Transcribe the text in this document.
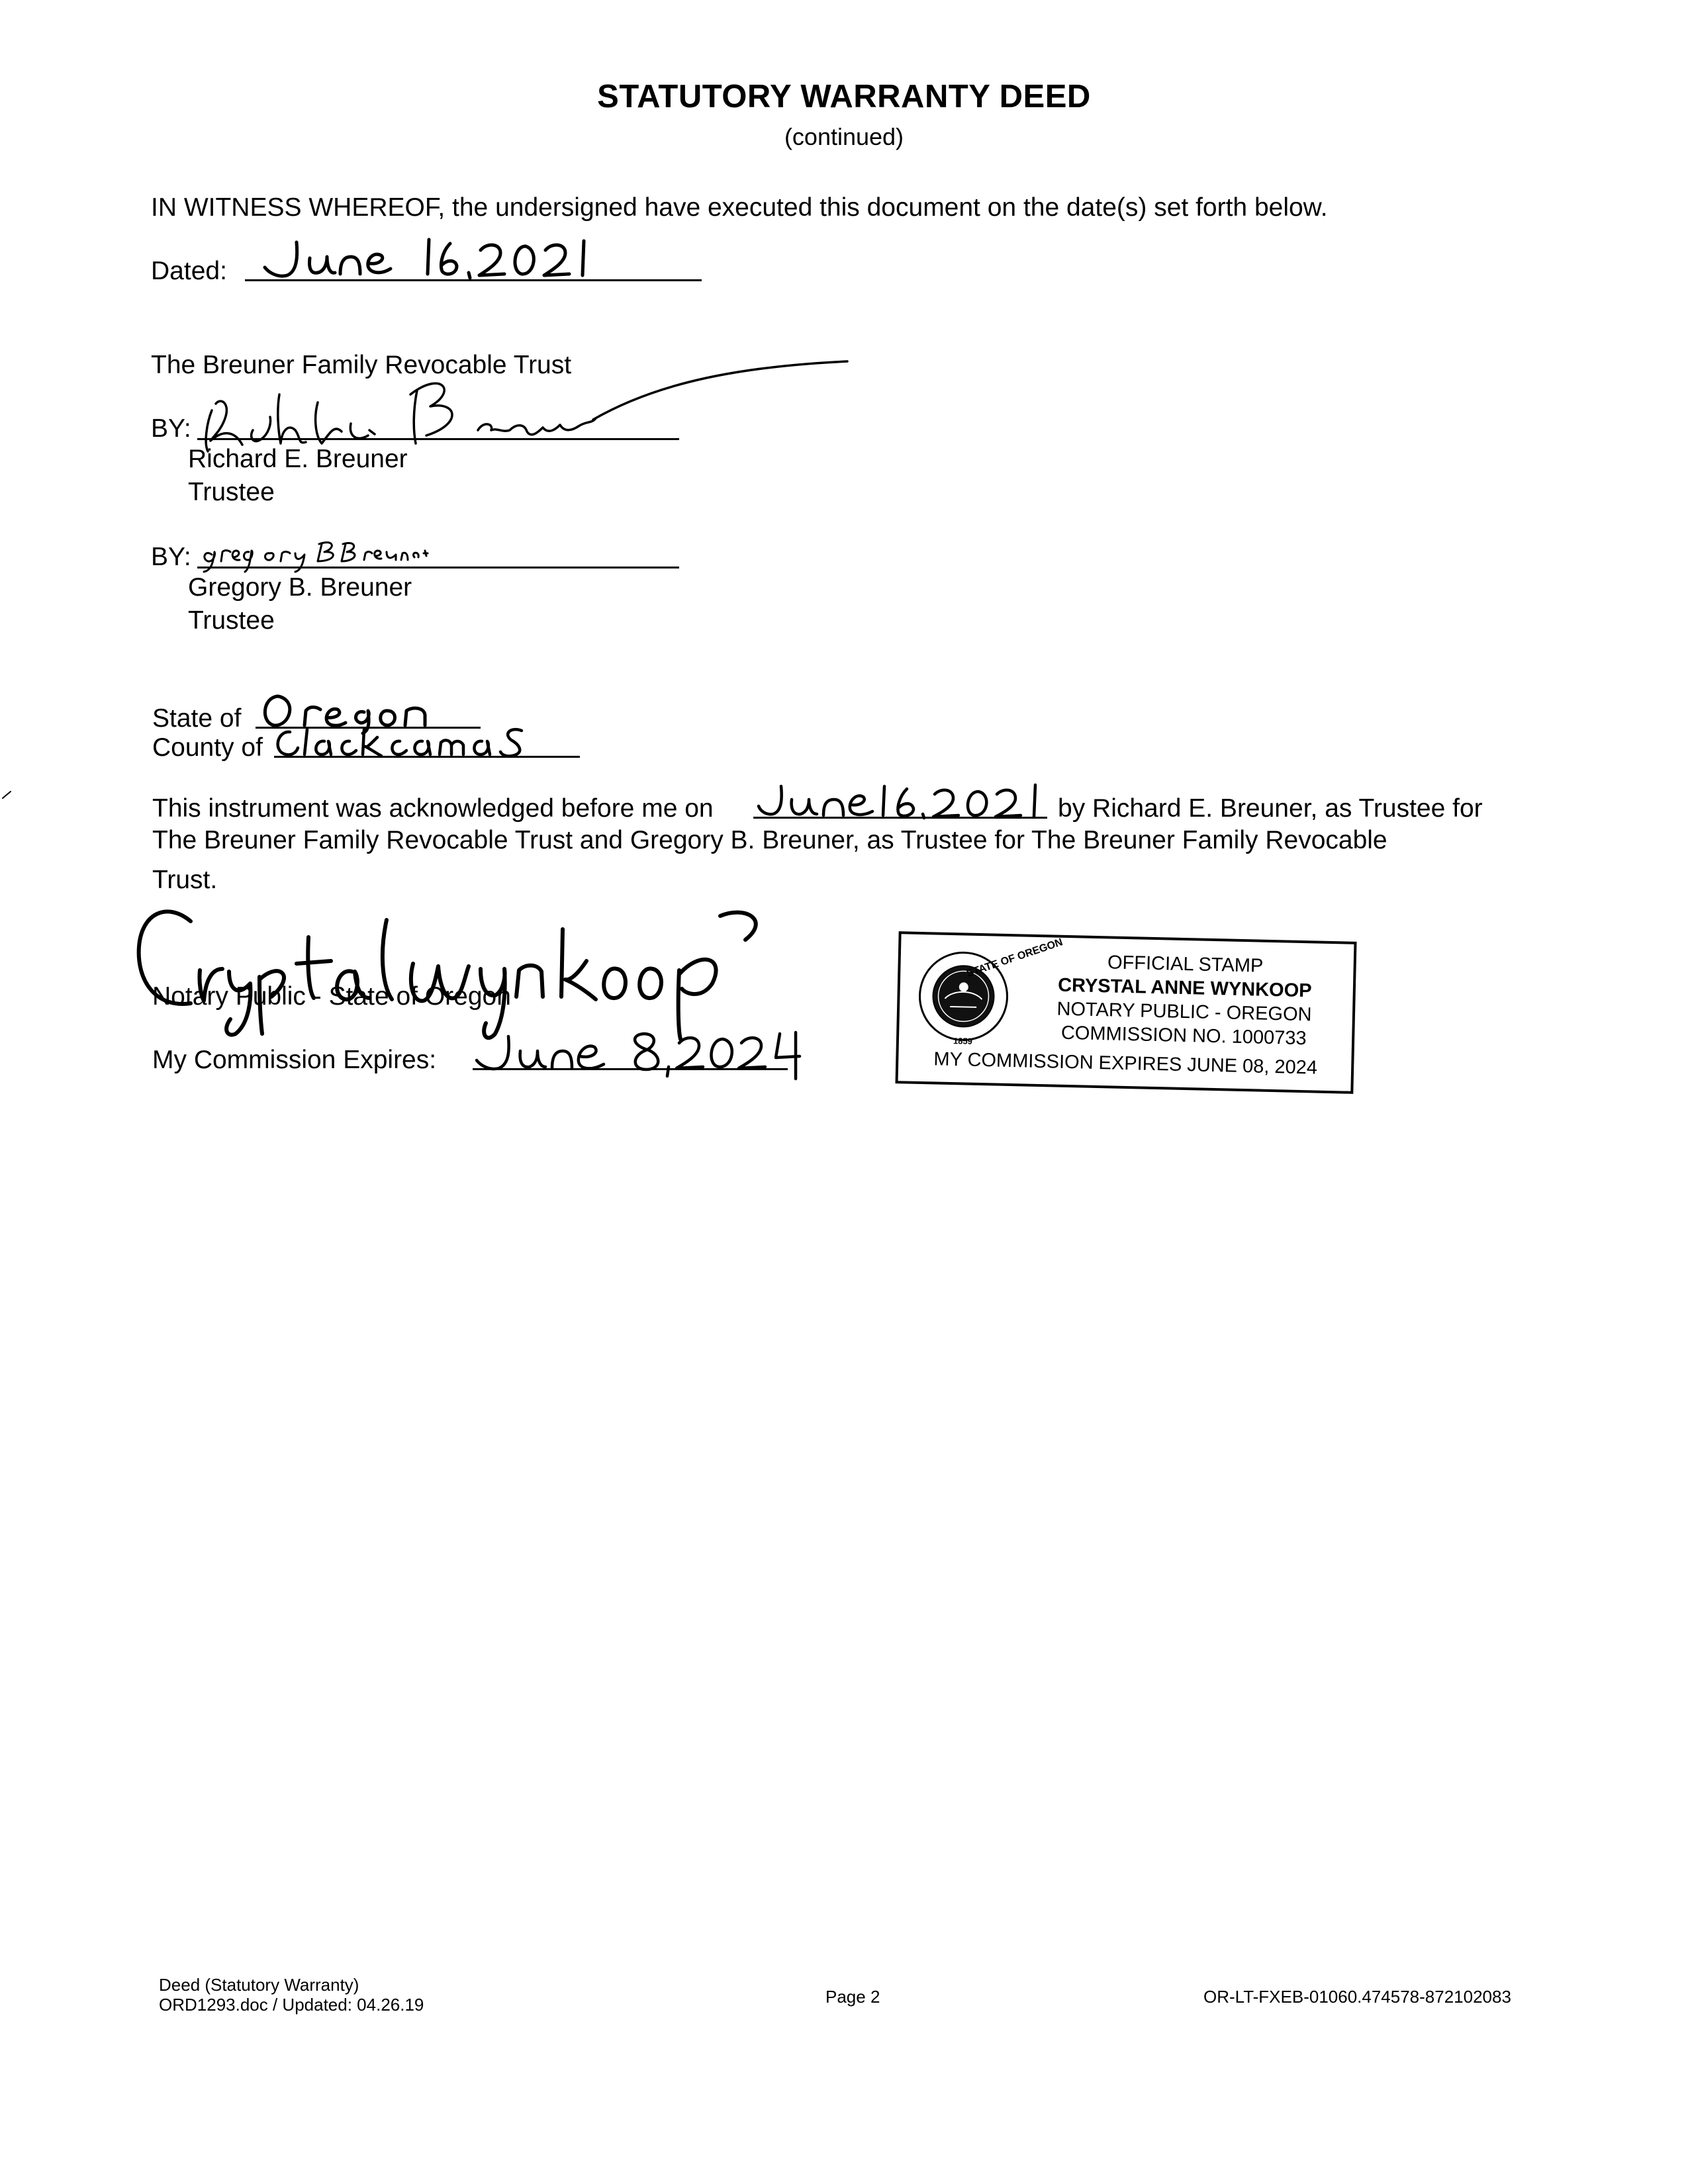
STATUTORY WARRANTY DEED
(continued)
IN WITNESS WHEREOF, the undersigned have executed this document on the date(s) set forth below.
Dated:
The Breuner Family Revocable Trust
BY:
Richard E. Breuner
Trustee
BY:
Gregory B. Breuner
Trustee
State of
County of
This instrument was acknowledged before me on	by Richard E. Breuner, as Trustee for
The Breuner Family Revocable Trust and Gregory B. Breuner, as Trustee for The Breuner Family Revocable
Trust.
Notary Public - State of Oregon
My Commission Expires:
STATE OF OREGON
1859
OFFICIAL STAMP
CRYSTAL ANNE WYNKOOP
NOTARY PUBLIC - OREGON
COMMISSION NO. 1000733
MY COMMISSION EXPIRES JUNE 08, 2024
Deed (Statutory Warranty)
ORD1293.doc / Updated: 04.26.19	Page 2	OR-LT-FXEB-01060.474578-872102083
